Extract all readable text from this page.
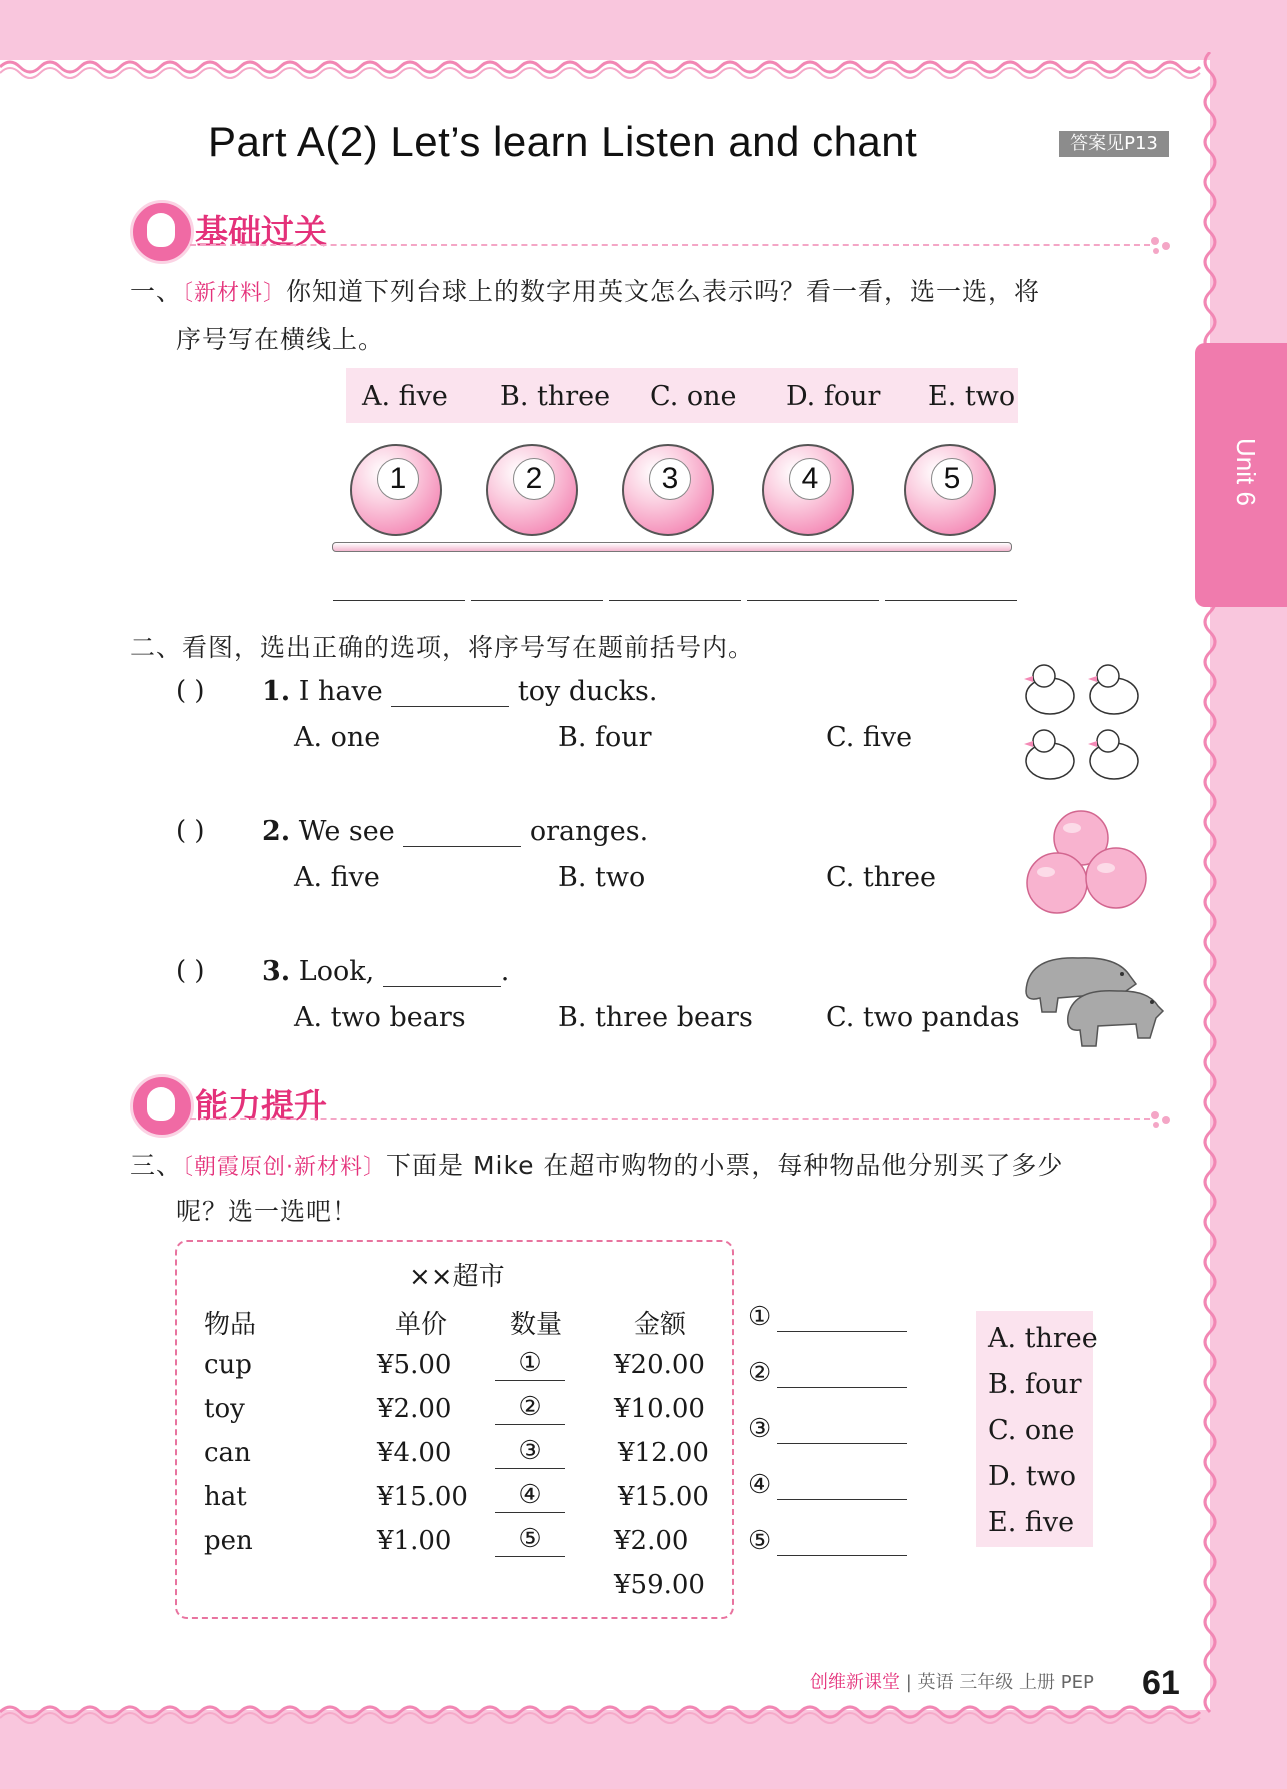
Part A(2) Let’s learn Listen and chant	答案见P13
Unit 6
基础过关
一、〔新材料〕你知道下列台球上的数字用英文怎么表示吗？看一看，选一选，将
序号写在横线上。
A. five B. three C. one D. four E. two
1	2	3	4	5
二、看图，选出正确的选项，将序号写在题前括号内。
( ) 1. I have	toy ducks.
A. one	B. four	C. five
( ) 2. We see	oranges.
A. five	B. two	C. three
( ) 3. Look,	.
A. two bears	B. three bears	C. two pandas
能力提升
三、〔朝霞原创·新材料〕下面是 Mike 在超市购物的小票，每种物品他分别买了多少
呢？选一选吧！
××超市
物品	单价 数量	金额
cup	¥5.00	①	¥20.00
toy	¥2.00	②	¥10.00
can	¥4.00	③	¥12.00
hat	¥15.00	④	¥15.00
pen	¥1.00	⑤	¥2.00
¥59.00
①
②
③
④
⑤
A. three
B. four
C. one
D. two
E. five
创维新课堂 | 英语 三年级 上册 PEP 61
